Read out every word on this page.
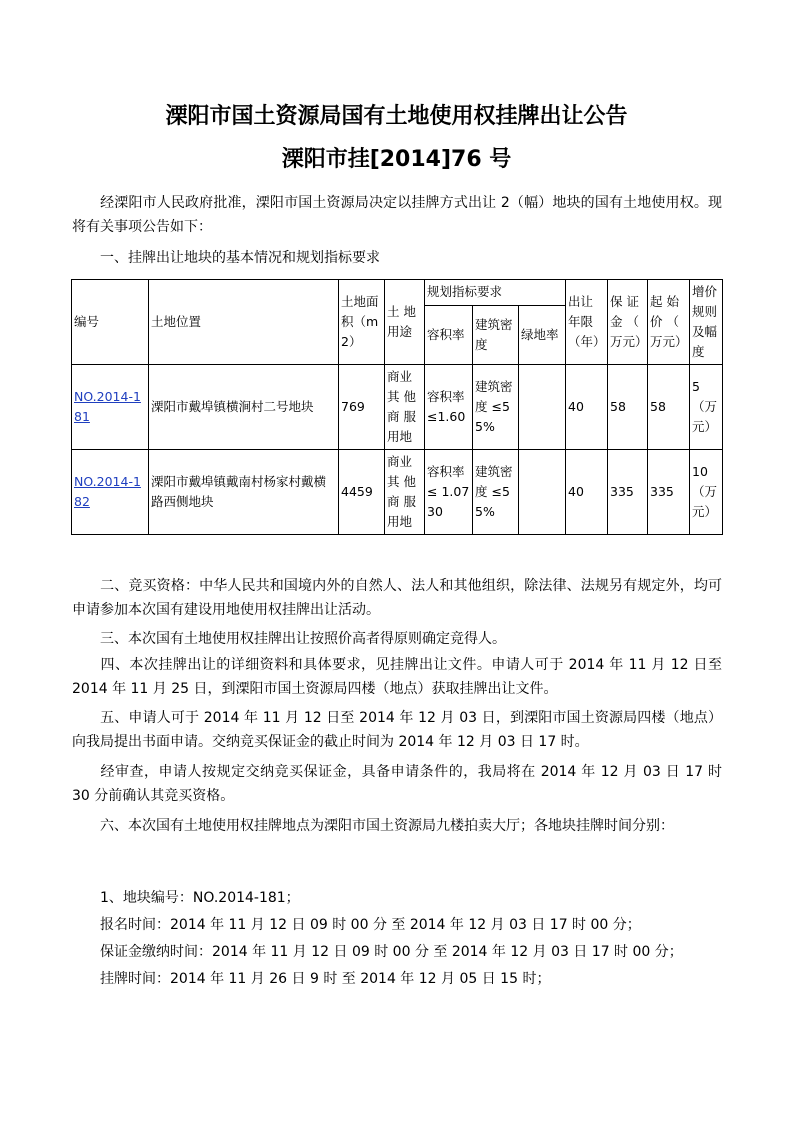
溧阳市国土资源局国有土地使用权挂牌出让公告
溧阳市挂[2014]76 号
经溧阳市人民政府批准，溧阳市国土资源局决定以挂牌方式出让 2（幅）地块的国有土地使用权。现将有关事项公告如下：
一、挂牌出让地块的基本情况和规划指标要求
编号	土地位置	土地面积（m2）	土 地用途	规划指标要求			出让年限（年）	保 证金 （ 万元）	起 始价 （ 万元）	增价规则及幅度
				容积率	建筑密度	绿地率				
NO.2014-181	溧阳市戴埠镇横涧村二号地块	769	商业其 他商 服用地	容积率≤1.60	建筑密度 ≤55%		40	58	58	5（万元）
NO.2014-182	溧阳市戴埠镇戴南村杨家村戴横路西侧地块	4459	商业其 他商 服用地	容积率≤ 1.0730	建筑密度 ≤55%		40	335	335	10（万元）
二、竞买资格：中华人民共和国境内外的自然人、法人和其他组织，除法律、法规另有规定外，均可申请参加本次国有建设用地使用权挂牌出让活动。
三、本次国有土地使用权挂牌出让按照价高者得原则确定竞得人。
四、本次挂牌出让的详细资料和具体要求，见挂牌出让文件。申请人可于 2014 年 11 月 12 日至 2014 年 11 月 25 日，到溧阳市国土资源局四楼（地点）获取挂牌出让文件。
五、申请人可于 2014 年 11 月 12 日至 2014 年 12 月 03 日，到溧阳市国土资源局四楼（地点）向我局提出书面申请。交纳竞买保证金的截止时间为 2014 年 12 月 03 日 17 时。
经审查，申请人按规定交纳竞买保证金，具备申请条件的，我局将在 2014 年 12 月 03 日 17 时 30 分前确认其竞买资格。
六、本次国有土地使用权挂牌地点为溧阳市国土资源局九楼拍卖大厅；各地块挂牌时间分别：
1、地块编号：NO.2014-181；
报名时间：2014 年 11 月 12 日 09 时 00 分 至 2014 年 12 月 03 日 17 时 00 分；
保证金缴纳时间：2014 年 11 月 12 日 09 时 00 分 至 2014 年 12 月 03 日 17 时 00 分；
挂牌时间：2014 年 11 月 26 日 9 时 至 2014 年 12 月 05 日 15 时；
